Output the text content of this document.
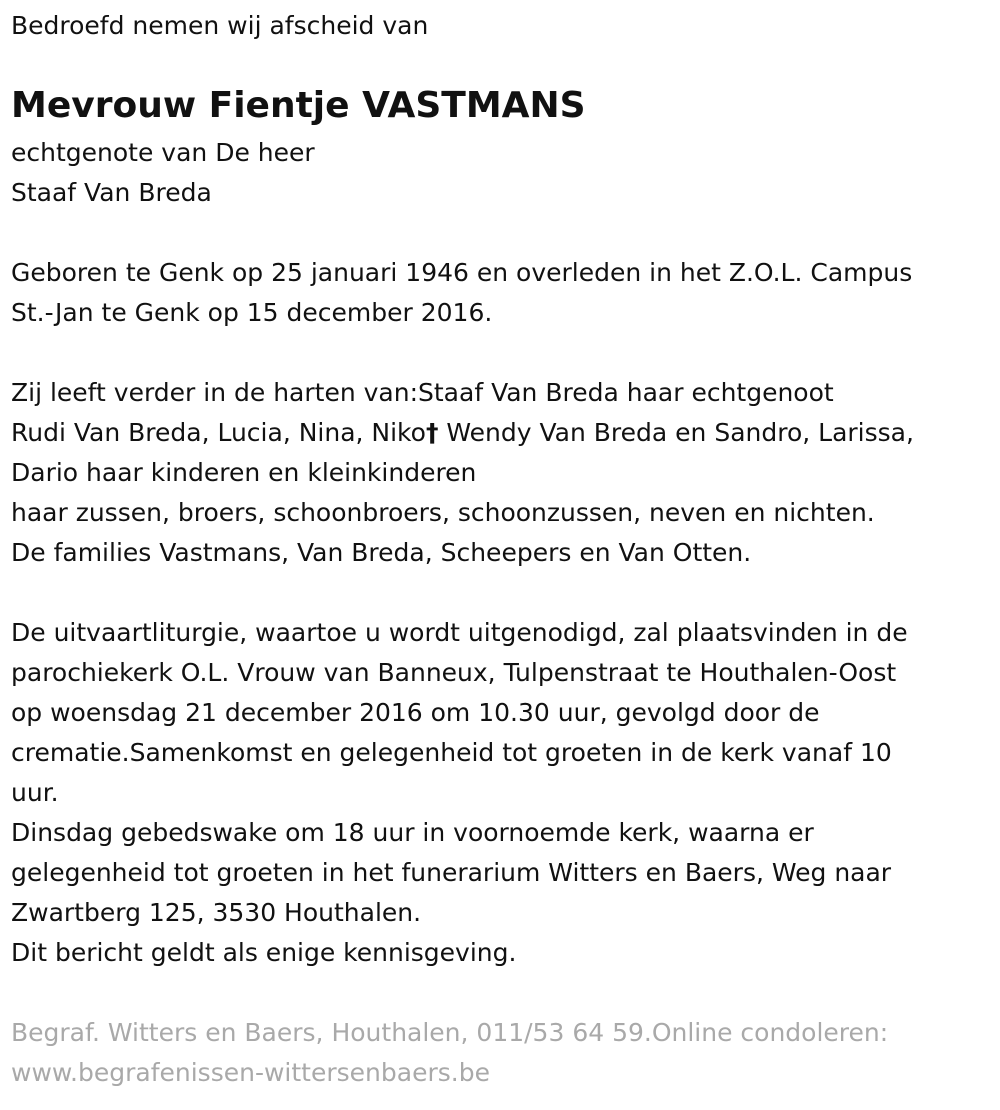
Bedroefd nemen wij afscheid van
Mevrouw Fientje VASTMANS
echtgenote van De heer
Staaf Van Breda
Geboren te Genk op 25 januari 1946 en overleden in het Z.O.L. Campus
St.-Jan te Genk op 15 december 2016.
Zij leeft verder in de harten van:Staaf Van Breda haar echtgenoot
Rudi Van Breda, Lucia, Nina, Niko† Wendy Van Breda en Sandro, Larissa,
Dario haar kinderen en kleinkinderen
haar zussen, broers, schoonbroers, schoonzussen, neven en nichten.
De families Vastmans, Van Breda, Scheepers en Van Otten.
De uitvaartliturgie, waartoe u wordt uitgenodigd, zal plaatsvinden in de
parochiekerk O.L. Vrouw van Banneux, Tulpenstraat te Houthalen-Oost
op woensdag 21 december 2016 om 10.30 uur, gevolgd door de
crematie.Samenkomst en gelegenheid tot groeten in de kerk vanaf 10
uur.
Dinsdag gebedswake om 18 uur in voornoemde kerk, waarna er
gelegenheid tot groeten in het funerarium Witters en Baers, Weg naar
Zwartberg 125, 3530 Houthalen.
Dit bericht geldt als enige kennisgeving.
Begraf. Witters en Baers, Houthalen, 011/53 64 59.Online condoleren:
www.begrafenissen-wittersenbaers.be
